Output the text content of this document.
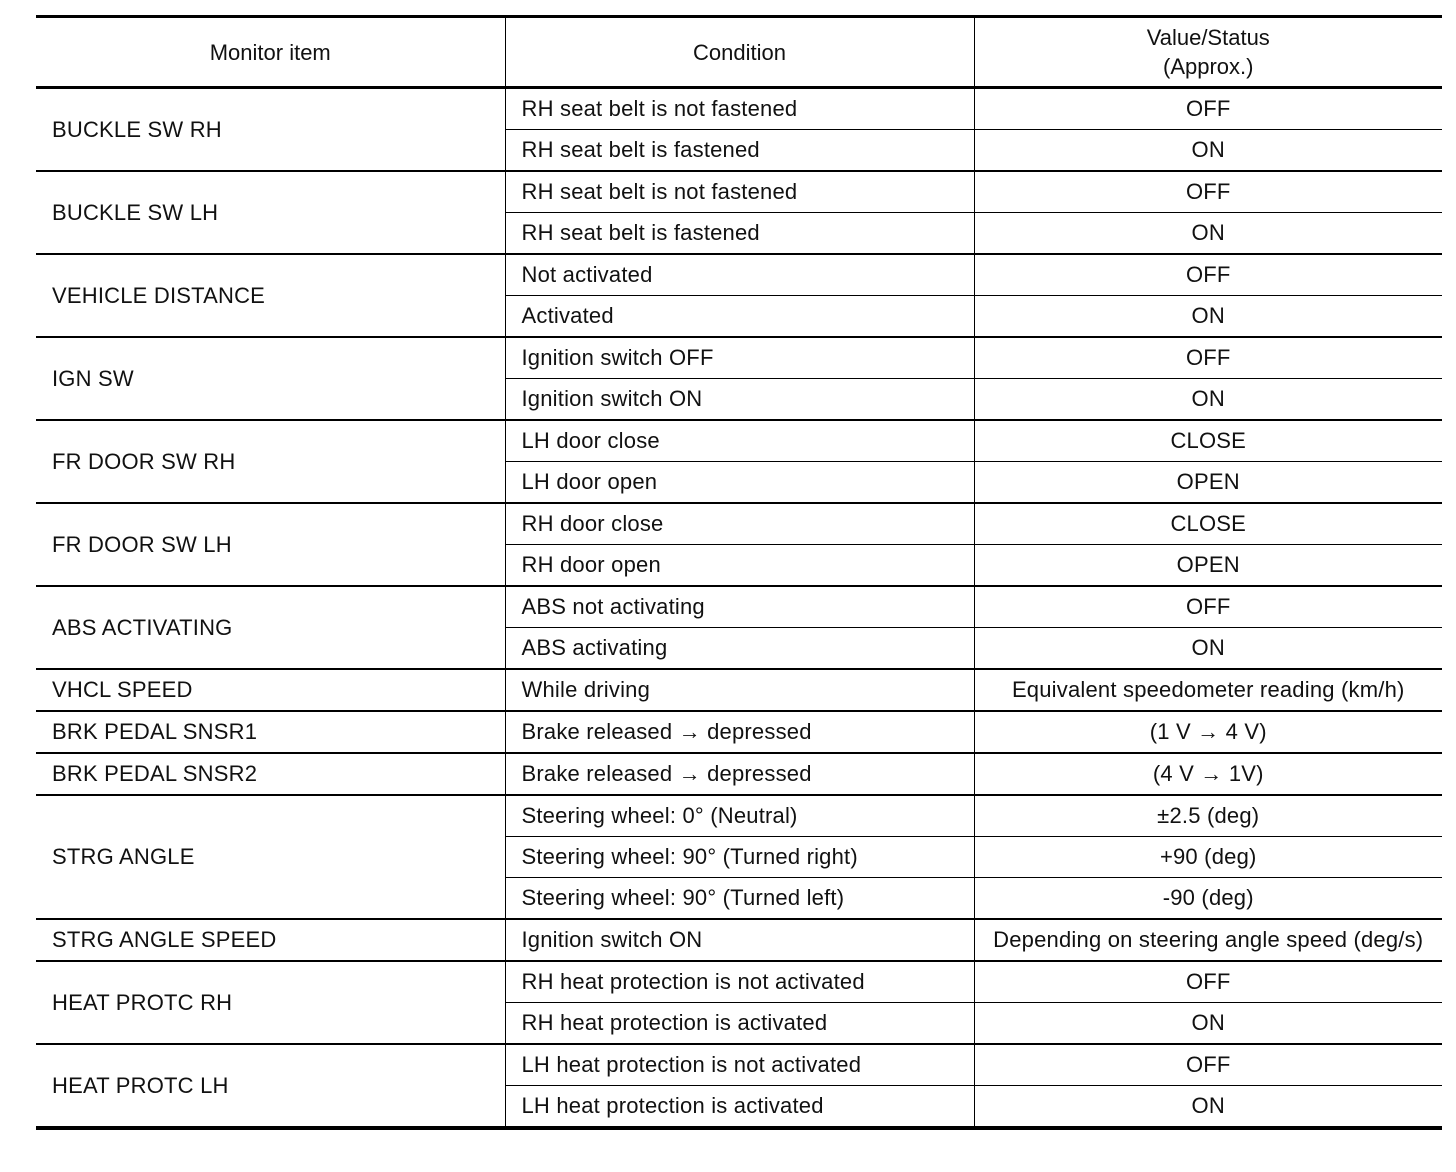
Monitor item	Condition	Value/Status
(Approx.)

BUCKLE SW RH	RH seat belt is not fastened	OFF
	RH seat belt is fastened	ON
BUCKLE SW LH	RH seat belt is not fastened	OFF
	RH seat belt is fastened	ON
VEHICLE DISTANCE	Not activated	OFF
	Activated	ON
IGN SW	Ignition switch OFF	OFF
	Ignition switch ON	ON
FR DOOR SW RH	LH door close	CLOSE
	LH door open	OPEN
FR DOOR SW LH	RH door close	CLOSE
	RH door open	OPEN
ABS ACTIVATING	ABS not activating	OFF
	ABS activating	ON
VHCL SPEED	While driving	Equivalent speedometer reading (km/h)
BRK PEDAL SNSR1	Brake released → depressed	(1 V → 4 V)
BRK PEDAL SNSR2	Brake released → depressed	(4 V → 1V)
STRG ANGLE	Steering wheel: 0° (Neutral)	±2.5 (deg)
	Steering wheel: 90° (Turned right)	+90 (deg)
	Steering wheel: 90° (Turned left)	-90 (deg)
STRG ANGLE SPEED	Ignition switch ON	Depending on steering angle speed (deg/s)
HEAT PROTC RH	RH heat protection is not activated	OFF
	RH heat protection is activated	ON
HEAT PROTC LH	LH heat protection is not activated	OFF
	LH heat protection is activated	ON
